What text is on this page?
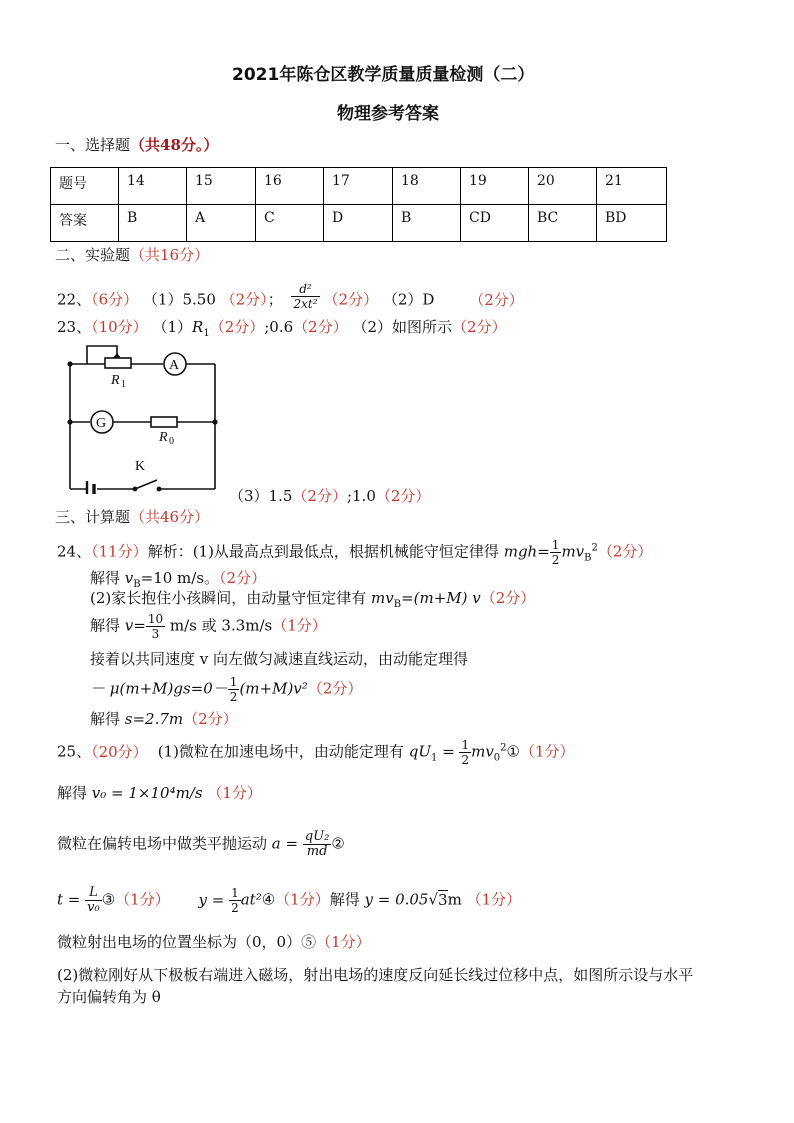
2021年陈仓区教学质量质量检测（二）
物理参考答案
一、选择题（共48分。）
题号	14	15	16	17	18	19	20	21
答案	B	A	C	D	B	CD	BC	BD
二、实验题（共16分）
22、（6分） （1）5.50 （2分）； $\frac{\text{d²}}{\text{2xt²}} (2$分） （2）D （2分）
23、（10分） $(1)R_1(2$分）;0.6（2分） （2）如图所示（2分）
A
G
K
R 1
R 0
（3）1.5（2分）;1.0（2分）
三、计算题（共46分）
24、（11分）解析：(1)从最高点到最低点，根据机械能守恒定律得 $mgh= \frac{1}{2} mv_B^2(2$分）
解得 $v_B=10$ m/s。（2分）
(2)家长抱住小孩瞬间，由动量守恒定律有 $mv_B=(m+M)$ v（2分）
解得 $v= \frac{10}{3} m/s$ 或 3.3m/s（1分）
接着以共同速度 v 向左做匀减速直线运动，由动能定理得
－ $\mu(m+M)gs=0- \frac{1}{2} (m+M)v^2(2$分）
解得 s=2.7m（2分）
25、（20分） (1)微粒在加速电场中，由动能定理有 $qU_1 = \frac{1}{2}$ $mv_0^2①(1$分）
解得 v₀ = 1×10⁴m/s （1分）
微粒在偏转电场中做类平抛运动 $a = \frac{\text{qU₂}}{md}$ ②
$t = \frac{L}{\text{v₀}}$ ③（1分） $y = \frac{1}{2}$ at²④（1分）解得 y = 0.05√3m （1分）
微粒射出电场的位置坐标为（0，0）⑤（1分）
(2)微粒刚好从下极板右端进入磁场，射出电场的速度反向延长线过位移中点，如图所示设与水平
方向偏转角为 θ
